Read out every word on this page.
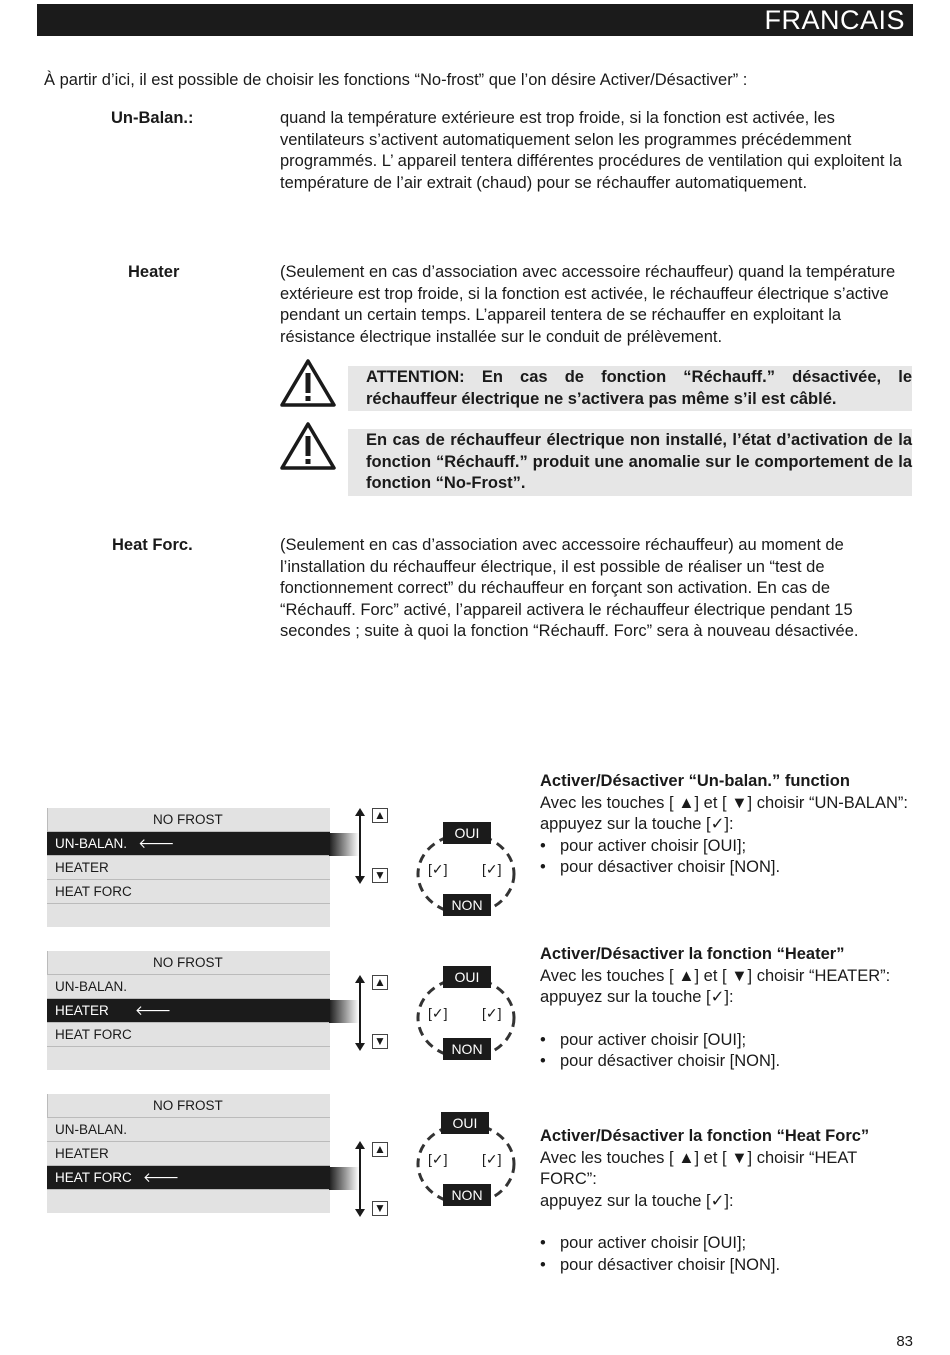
FRANCAIS

À partir d’ici, il est possible de choisir les fonctions “No-frost” que l’on désire Activer/Désactiver” :

Un-Balan.:	quand la température extérieure est trop froide, si la fonction est activée, les ventilateurs s’activent automatiquement selon les programmes précédemment programmés. L’ appareil tentera différentes procédures de ventilation qui exploitent la température de l’air extrait (chaud) pour se réchauffer automatiquement.

Heater	(Seulement en cas d’association avec accessoire réchauffeur) quand la température extérieure est trop froide, si la fonction est activée, le réchauffeur électrique s’active pendant un certain temps. L’appareil tentera de se réchauffer en exploitant la résistance électrique installée sur le conduit de prélèvement.

ATTENTION: En cas de fonction “Réchauff.” désactivée, le réchauffeur électrique ne s’activera pas même s’il est câblé.
En cas de réchauffeur électrique non installé, l’état d’activation de la fonction “Réchauff.” produit une anomalie sur le comportement de la fonction “No-Frost”.

Heat Forc.	(Seulement en cas d’association avec accessoire réchauffeur) au moment de l’installation du réchauffeur électrique, il est possible de réaliser un “test de fonctionnement correct” du réchauffeur en forçant son activation. En cas de “Réchauff. Forc” activé, l’appareil activera le réchauffeur électrique pendant 15 secondes ; suite à quoi la fonction “Réchauff. Forc” sera à nouveau désactivée.

NO FROST
UN-BALAN. 🡐
HEATER
HEAT FORC
▲
▼
OUI
[✓] [✓]
NON

Activer/Désactiver “Un-balan.” function

Avec les touches [ ▲] et [ ▼] choisir “UN-BALAN”:

appuyez sur la touche [✓]:

• pour activer choisir [OUI];

• pour désactiver choisir [NON].

NO FROST
UN-BALAN.
HEATER 🡐
HEAT FORC
▲
▼
OUI
[✓] [✓]
NON

Activer/Désactiver la fonction “Heater”

Avec les touches [ ▲] et [ ▼] choisir “HEATER”:

appuyez sur la touche [✓]:

• pour activer choisir [OUI];

• pour désactiver choisir [NON].

NO FROST
UN-BALAN.
HEATER
HEAT FORC 🡐
▲
▼
OUI
[✓] [✓]
NON

Activer/Désactiver la fonction “Heat Forc”

Avec les touches [ ▲] et [ ▼] choisir “HEAT FORC”:

appuyez sur la touche [✓]:

• pour activer choisir [OUI];

• pour désactiver choisir [NON].

83
